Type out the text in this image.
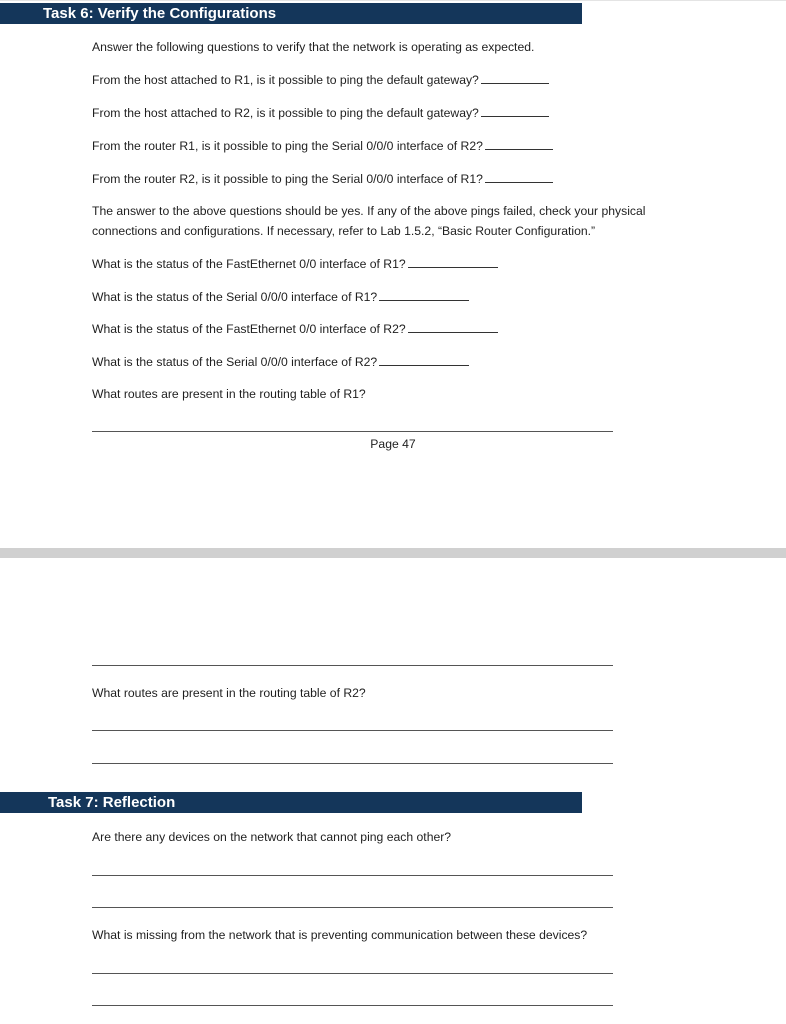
Task 6: Verify the Configurations
Answer the following questions to verify that the network is operating as expected.
From the host attached to R1, is it possible to ping the default gateway?
From the host attached to R2, is it possible to ping the default gateway?
From the router R1, is it possible to ping the Serial 0/0/0 interface of R2?
From the router R2, is it possible to ping the Serial 0/0/0 interface of R1?
The answer to the above questions should be yes. If any of the above pings failed, check your physical
connections and configurations. If necessary, refer to Lab 1.5.2, “Basic Router Configuration.”
What is the status of the FastEthernet 0/0 interface of R1?
What is the status of the Serial 0/0/0 interface of R1?
What is the status of the FastEthernet 0/0 interface of R2?
What is the status of the Serial 0/0/0 interface of R2?
What routes are present in the routing table of R1?
Page 47
What routes are present in the routing table of R2?
Task 7: Reflection
Are there any devices on the network that cannot ping each other?
What is missing from the network that is preventing communication between these devices?
